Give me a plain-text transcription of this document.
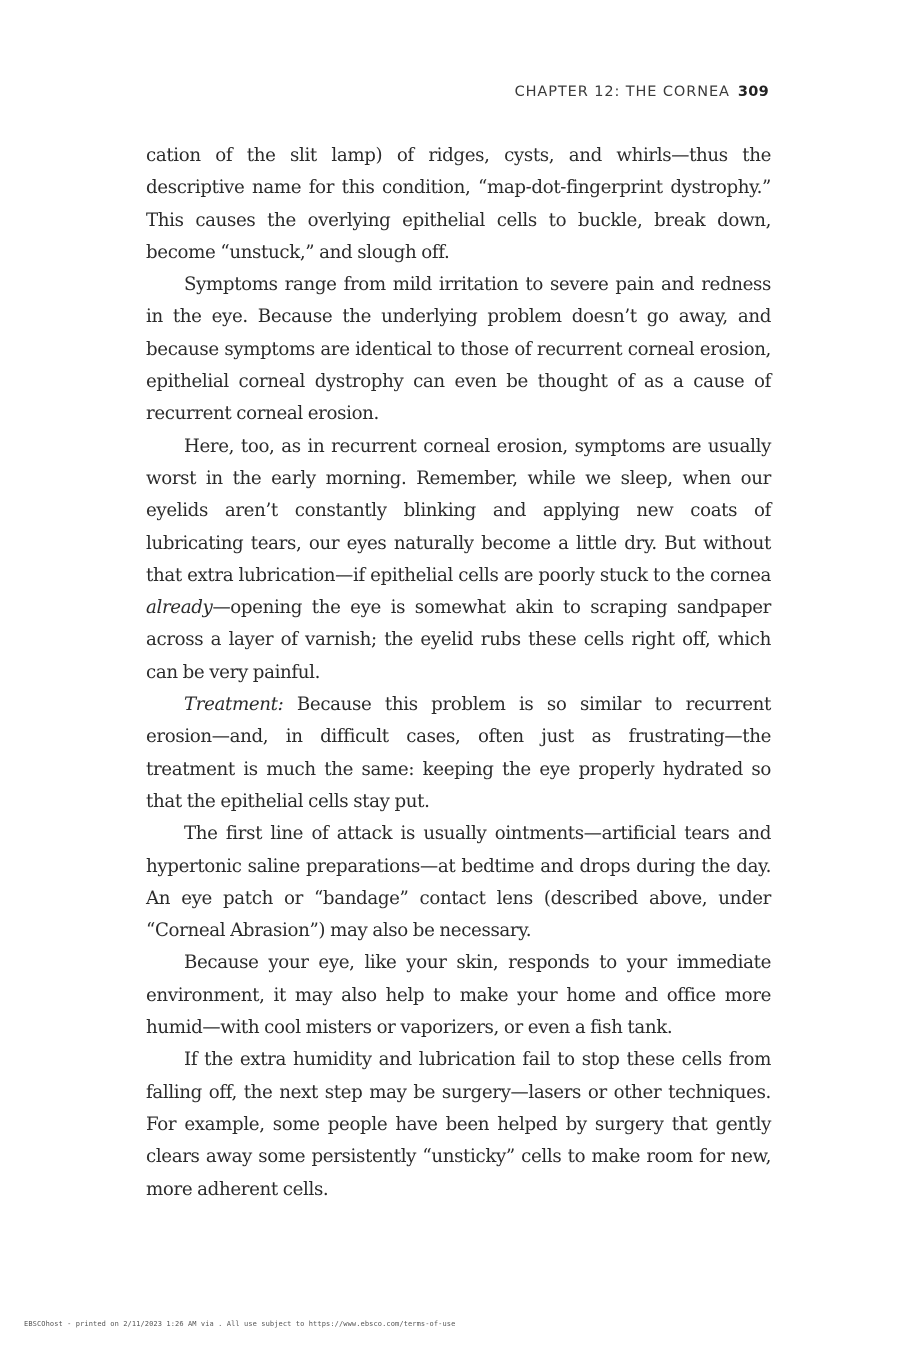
CHAPTER 12: THE CORNEA 309

cation of the slit lamp) of ridges, cysts, and whirls—thus the descriptive name for this condition, “map-dot-fingerprint dystrophy.” This causes the overlying epithelial cells to buckle, break down, become “unstuck,” and slough off.

Symptoms range from mild irritation to severe pain and redness in the eye. Because the underlying problem doesn’t go away, and because symptoms are identical to those of recurrent corneal erosion, epithelial corneal dystrophy can even be thought of as a cause of recurrent corneal erosion.

Here, too, as in recurrent corneal erosion, symptoms are usually worst in the early morning. Remember, while we sleep, when our eyelids aren’t constantly blinking and applying new coats of lubricating tears, our eyes naturally become a little dry. But without that extra lubrication—if epithelial cells are poorly stuck to the cornea already—opening the eye is somewhat akin to scraping sandpaper across a layer of varnish; the eyelid rubs these cells right off, which can be very painful.

Treatment: Because this problem is so similar to recurrent erosion—and, in difficult cases, often just as frustrating—the treatment is much the same: keeping the eye properly hydrated so that the epithelial cells stay put.

The first line of attack is usually ointments—artificial tears and hypertonic saline preparations—at bedtime and drops during the day. An eye patch or “bandage” contact lens (described above, under “Corneal Abrasion”) may also be necessary.

Because your eye, like your skin, responds to your immediate environment, it may also help to make your home and office more humid—with cool misters or vaporizers, or even a fish tank.

If the extra humidity and lubrication fail to stop these cells from falling off, the next step may be surgery—lasers or other techniques. For example, some people have been helped by surgery that gently clears away some persistently “unsticky” cells to make room for new, more adherent cells.

EBSCOhost - printed on 2/11/2023 1:26 AM via . All use subject to https://www.ebsco.com/terms-of-use
